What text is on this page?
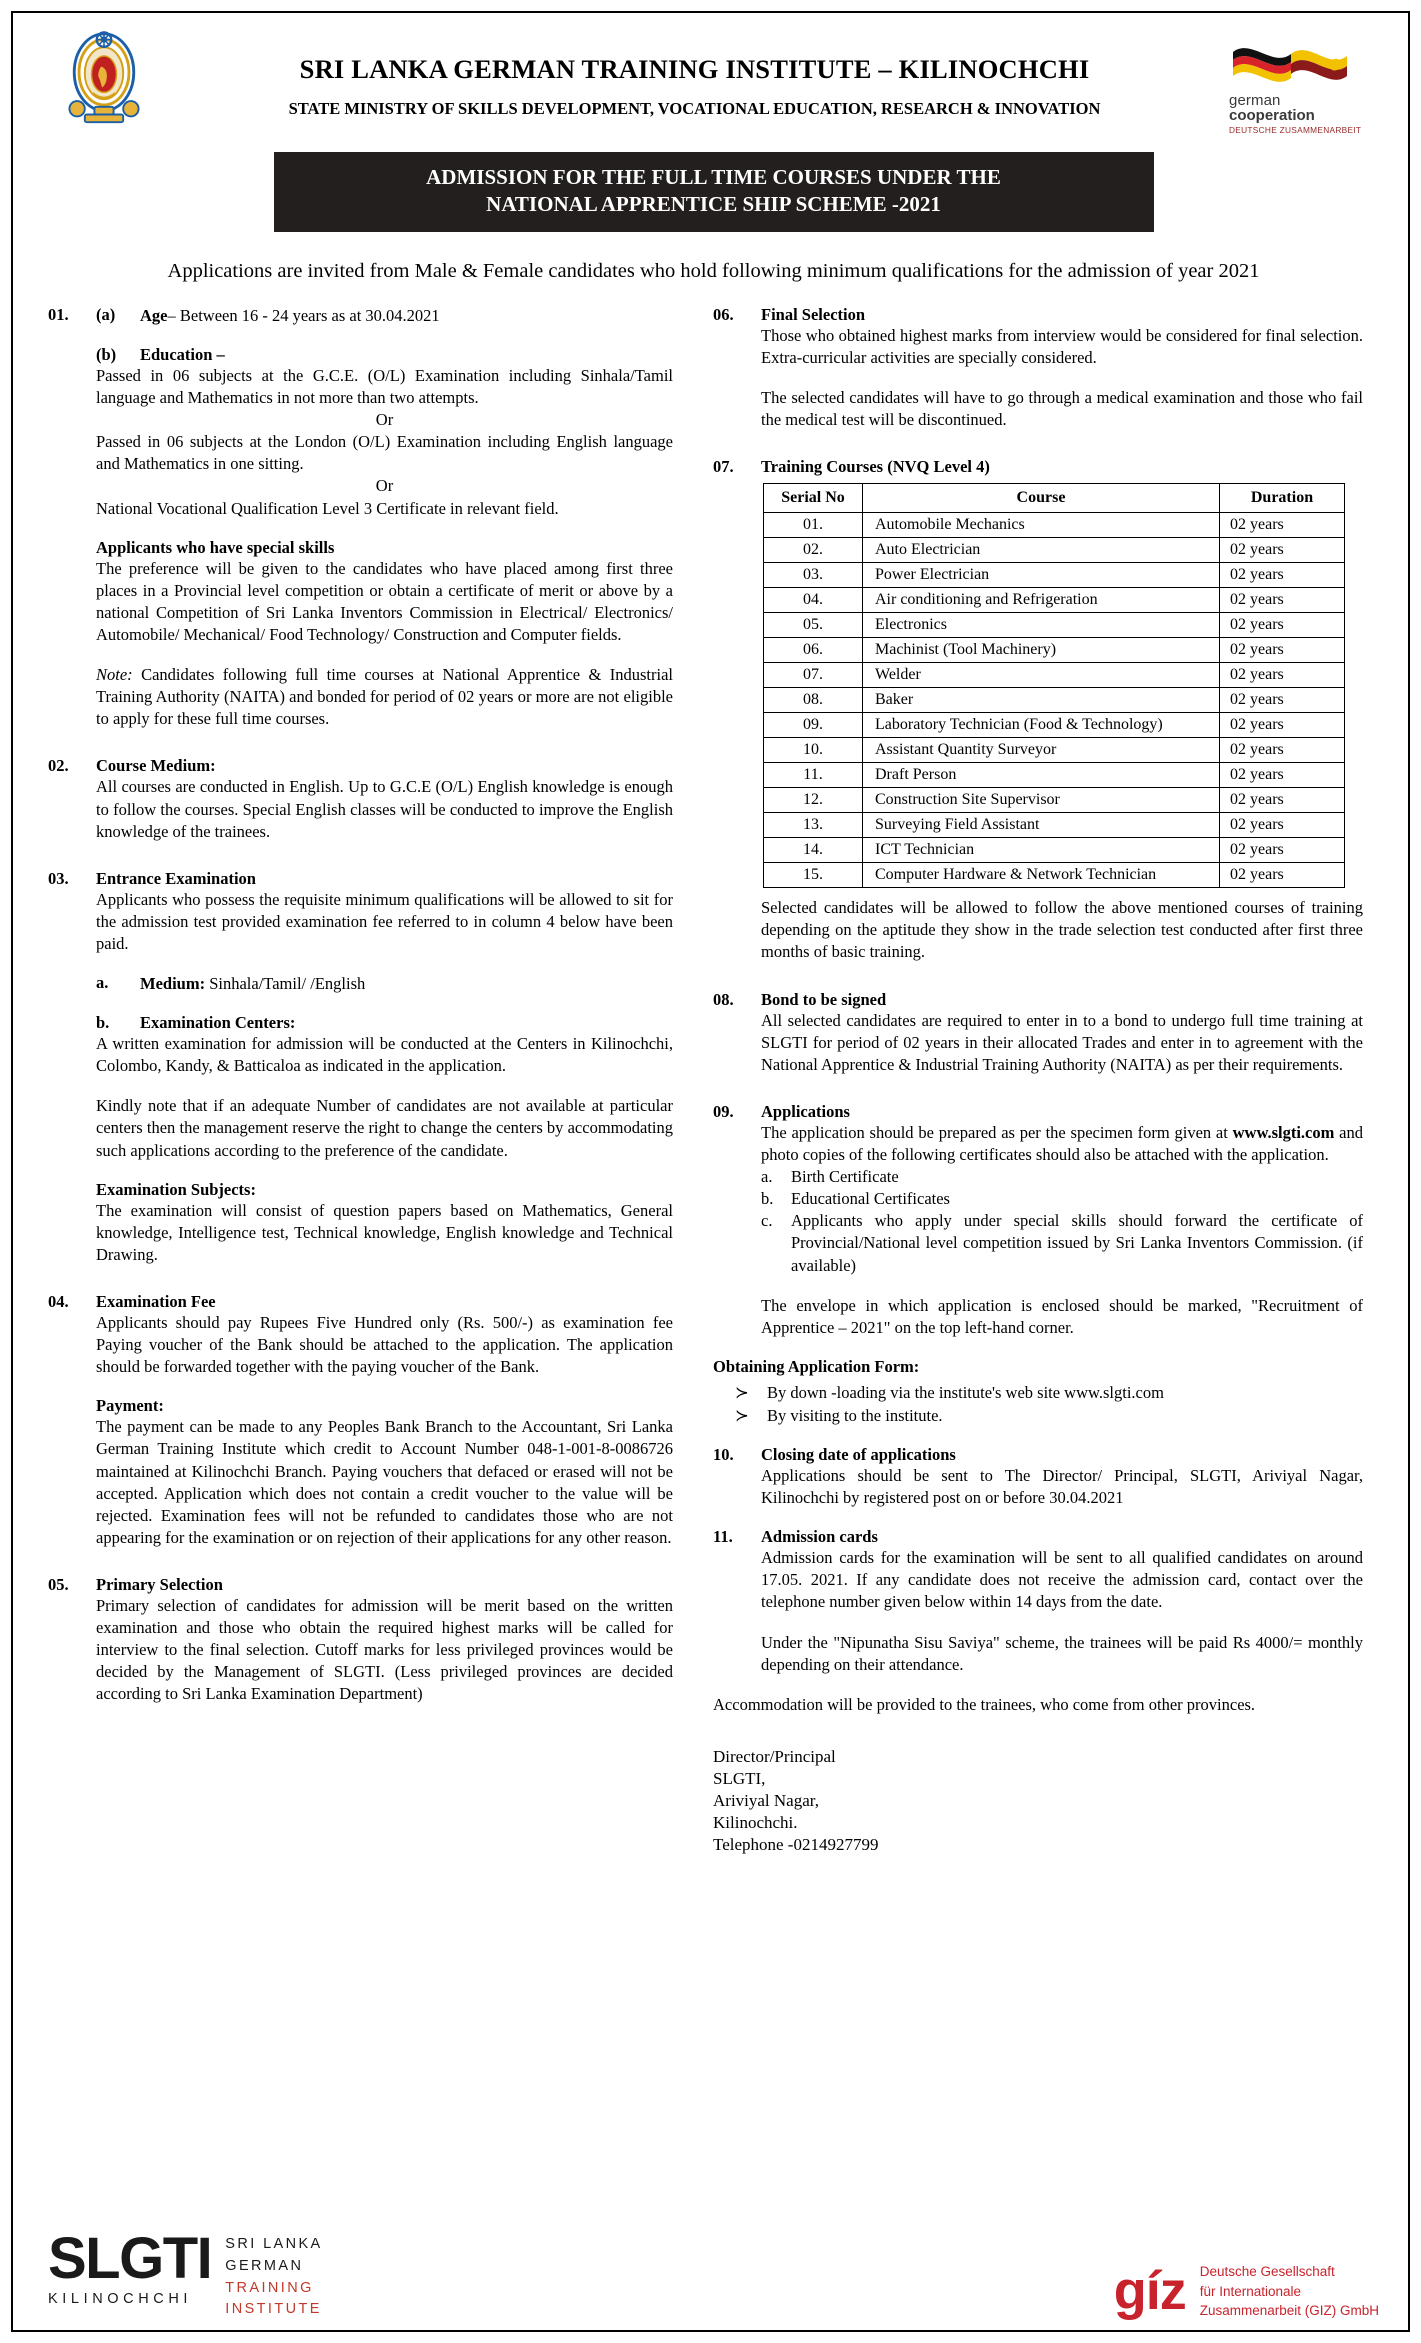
SRI LANKA GERMAN TRAINING INSTITUTE – KILINOCHCHI
STATE MINISTRY OF SKILLS DEVELOPMENT, VOCATIONAL EDUCATION, RESEARCH & INNOVATION	german
cooperation
DEUTSCHE ZUSAMMENARBEIT
ADMISSION FOR THE FULL TIME COURSES UNDER THE
NATIONAL APPRENTICE SHIP SCHEME -2021
Applications are invited from Male & Female candidates who hold following minimum qualifications for the admission of year 2021
01.	(a)	Age– Between 16 - 24 years as at 30.04.2021

(b)	Education –

Passed in 06 subjects at the G.C.E. (O/L) Examination including Sinhala/Tamil language and Mathematics in not more than two attempts.

Or

Passed in 06 subjects at the London (O/L) Examination including English language and Mathematics in one sitting.

Or

National Vocational Qualification Level 3 Certificate in relevant field.

Applicants who have special skills

The preference will be given to the candidates who have placed among first three places in a Provincial level competition or obtain a certificate of merit or above by a national Competition of Sri Lanka Inventors Commission in Electrical/ Electronics/ Automobile/ Mechanical/ Food Technology/ Construction and Computer fields.

Note: Candidates following full time courses at National Apprentice & Industrial Training Authority (NAITA) and bonded for period of 02 years or more are not eligible to apply for these full time courses.

02.	Course Medium:

All courses are conducted in English. Up to G.C.E (O/L) English knowledge is enough to follow the courses. Special English classes will be conducted to improve the English knowledge of the trainees.

03.	Entrance Examination

Applicants who possess the requisite minimum qualifications will be allowed to sit for the admission test provided examination fee referred to in column 4 below have been paid.

a.	Medium: Sinhala/Tamil/ /English

b.	Examination Centers:

A written examination for admission will be conducted at the Centers in Kilinochchi, Colombo, Kandy, & Batticaloa as indicated in the application.

Kindly note that if an adequate Number of candidates are not available at particular centers then the management reserve the right to change the centers by accommodating such applications according to the preference of the candidate.

Examination Subjects:

The examination will consist of question papers based on Mathematics, General knowledge, Intelligence test, Technical knowledge, English knowledge and Technical Drawing.

04.	Examination Fee

Applicants should pay Rupees Five Hundred only (Rs. 500/-) as examination fee Paying voucher of the Bank should be attached to the application. The application should be forwarded together with the paying voucher of the Bank.

Payment:

The payment can be made to any Peoples Bank Branch to the Accountant, Sri Lanka German Training Institute which credit to Account Number 048-1-001-8-0086726 maintained at Kilinochchi Branch. Paying vouchers that defaced or erased will not be accepted. Application which does not contain a credit voucher to the value will be rejected. Examination fees will not be refunded to candidates those who are not appearing for the examination or on rejection of their applications for any other reason.

05.	Primary Selection

Primary selection of candidates for admission will be merit based on the written examination and those who obtain the required highest marks will be called for interview to the final selection. Cutoff marks for less privileged provinces would be decided by the Management of SLGTI. (Less privileged provinces are decided according to Sri Lanka Examination Department)

06.	Final Selection

Those who obtained highest marks from interview would be considered for final selection. Extra-curricular activities are specially considered.

The selected candidates will have to go through a medical examination and those who fail the medical test will be discontinued.

07.	Training Courses (NVQ Level 4)
Serial No	Course	Duration
01.	Automobile Mechanics	02 years
02.	Auto Electrician	02 years
03.	Power Electrician	02 years
04.	Air conditioning and Refrigeration	02 years
05.	Electronics	02 years
06.	Machinist (Tool Machinery)	02 years
07.	Welder	02 years
08.	Baker	02 years
09.	Laboratory Technician (Food & Technology)	02 years
10.	Assistant Quantity Surveyor	02 years
11.	Draft Person	02 years
12.	Construction Site Supervisor	02 years
13.	Surveying Field Assistant	02 years
14.	ICT Technician	02 years
15.	Computer Hardware & Network Technician	02 years

Selected candidates will be allowed to follow the above mentioned courses of training depending on the aptitude they show in the trade selection test conducted after first three months of basic training.

08.	Bond to be signed

All selected candidates are required to enter in to a bond to undergo full time training at SLGTI for period of 02 years in their allocated Trades and enter in to agreement with the National Apprentice & Industrial Training Authority (NAITA) as per their requirements.

09.	Applications

The application should be prepared as per the specimen form given at www.slgti.com and photo copies of the following certificates should also be attached with the application.

a.	Birth Certificate
b.	Educational Certificates
c.	Applicants who apply under special skills should forward the certificate of Provincial/National level competition issued by Sri Lanka Inventors Commission. (if available)

The envelope in which application is enclosed should be marked, "Recruitment of Apprentice – 2021" on the top left-hand corner.

Obtaining Application Form:
≻	By down -loading via the institute's web site www.slgti.com
≻	By visiting to the institute.
10.	Closing date of applications

Applications should be sent to The Director/ Principal, SLGTI, Ariviyal Nagar, Kilinochchi by registered post on or before 30.04.2021

11.	Admission cards

Admission cards for the examination will be sent to all qualified candidates on around 17.05. 2021. If any candidate does not receive the admission card, contact over the telephone number given below within 14 days from the date.

Under the "Nipunatha Sisu Saviya" scheme, the trainees will be paid Rs 4000/= monthly depending on their attendance.

Accommodation will be provided to the trainees, who come from other provinces.

Director/Principal
SLGTI,
Ariviyal Nagar,
Kilinochchi.
Telephone -0214927799
SLGTI
KILINOCHCHI
SRI LANKA
GERMAN
TRAINING
INSTITUTE	gíz Deutsche Gesellschaft
für Internationale
Zusammenarbeit (GIZ) GmbH
